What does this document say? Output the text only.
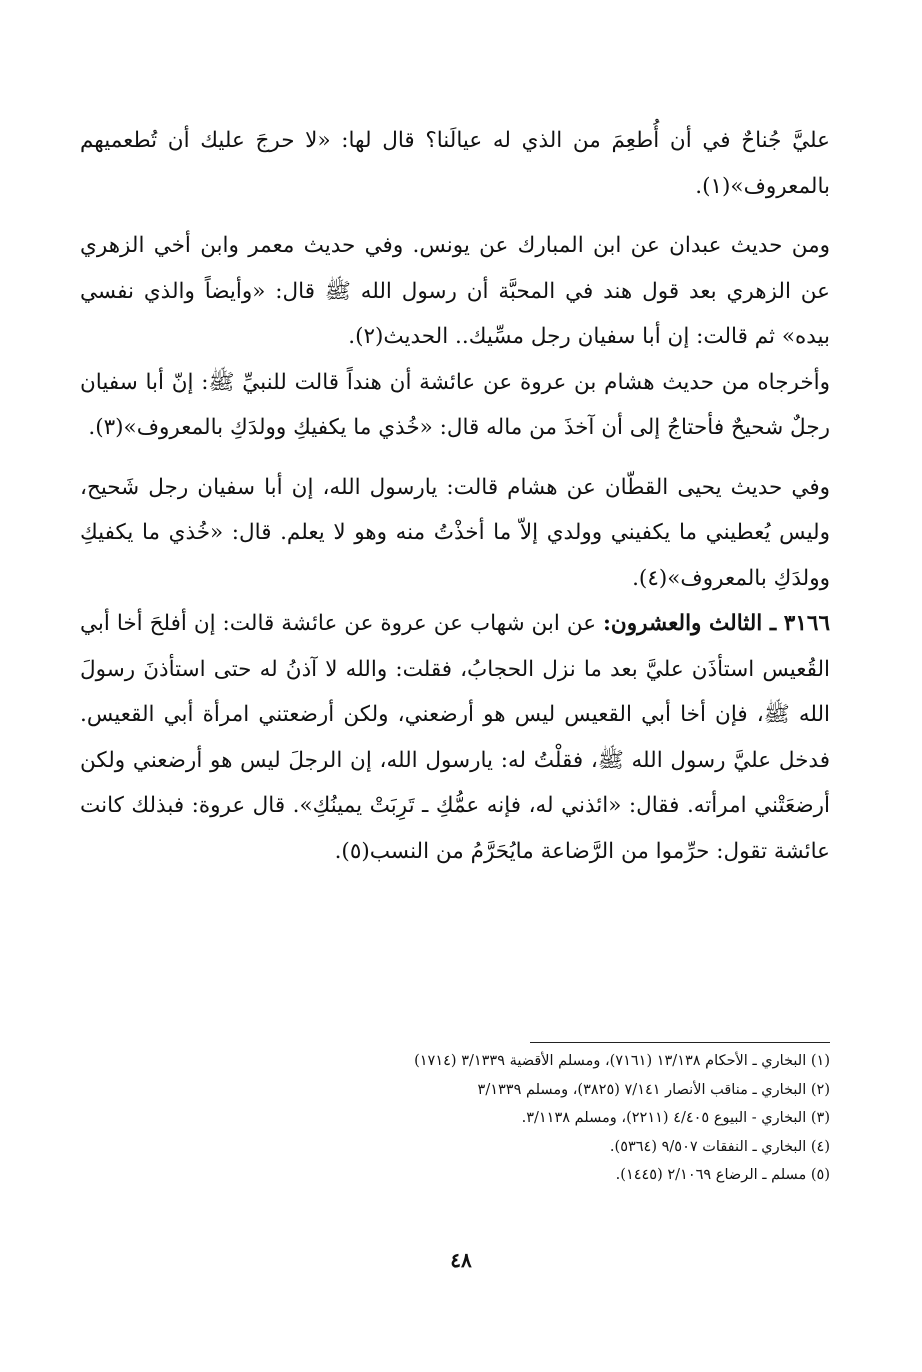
عليَّ جُناحٌ في أن أُطعِمَ من الذي له عيالَنا؟ قال لها: «لا حرجَ عليك أن تُطعميهم بالمعروف»(١).

ومن حديث عبدان عن ابن المبارك عن يونس. وفي حديث معمر وابن أخي الزهري عن الزهري بعد قول هند في المحبَّة أن رسول الله ﷺ قال: «وأيضاً والذي نفسي بيده» ثم قالت: إن أبا سفيان رجل مسِّيك.. الحديث(٢).

وأخرجاه من حديث هشام بن عروة عن عائشة أن هنداً قالت للنبيِّ ﷺ: إنّ أبا سفيان رجلٌ شحيحٌ فأحتاجُ إلى أن آخذَ من ماله قال: «خُذي ما يكفيكِ وولدَكِ بالمعروف»(٣).

وفي حديث يحيى القطّان عن هشام قالت: يارسول الله، إن أبا سفيان رجل شَحيح، وليس يُعطيني ما يكفيني وولدي إلاّ ما أخذْتُ منه وهو لا يعلم. قال: «خُذي ما يكفيكِ وولدَكِ بالمعروف»(٤).

٣١٦٦ ـ الثالث والعشرون: عن ابن شهاب عن عروة عن عائشة قالت: إن أفلحَ أخا أبي القُعيس استأذَن عليَّ بعد ما نزل الحجابُ، فقلت: والله لا آذنُ له حتى استأذنَ رسولَ الله ﷺ، فإن أخا أبي القعيس ليس هو أرضعني، ولكن أرضعتني امرأة أبي القعيس. فدخل عليَّ رسول الله ﷺ، فقلْتُ له: يارسول الله، إن الرجلَ ليس هو أرضعني ولكن أرضعَتْني امرأته. فقال: «ائذني له، فإنه عمُّكِ ـ تَرِبَتْ يمينُكِ». قال عروة: فبذلك كانت عائشة تقول: حرِّموا من الرَّضاعة مايُحَرَّمُ من النسب(٥).

(١) البخاري ـ الأحكام ١٣/١٣٨ (٧١٦١)، ومسلم الأقضية ٣/١٣٣٩ (١٧١٤)

(٢) البخاري ـ مناقب الأنصار ٧/١٤١ (٣٨٢٥)، ومسلم ٣/١٣٣٩

(٣) البخاري - البيوع ٤/٤٠٥ (٢٢١١)، ومسلم ٣/١١٣٨.

(٤) البخاري ـ النفقات ٩/٥٠٧ (٥٣٦٤).

(٥) مسلم ـ الرضاع ٢/١٠٦٩ (١٤٤٥).

٤٨
